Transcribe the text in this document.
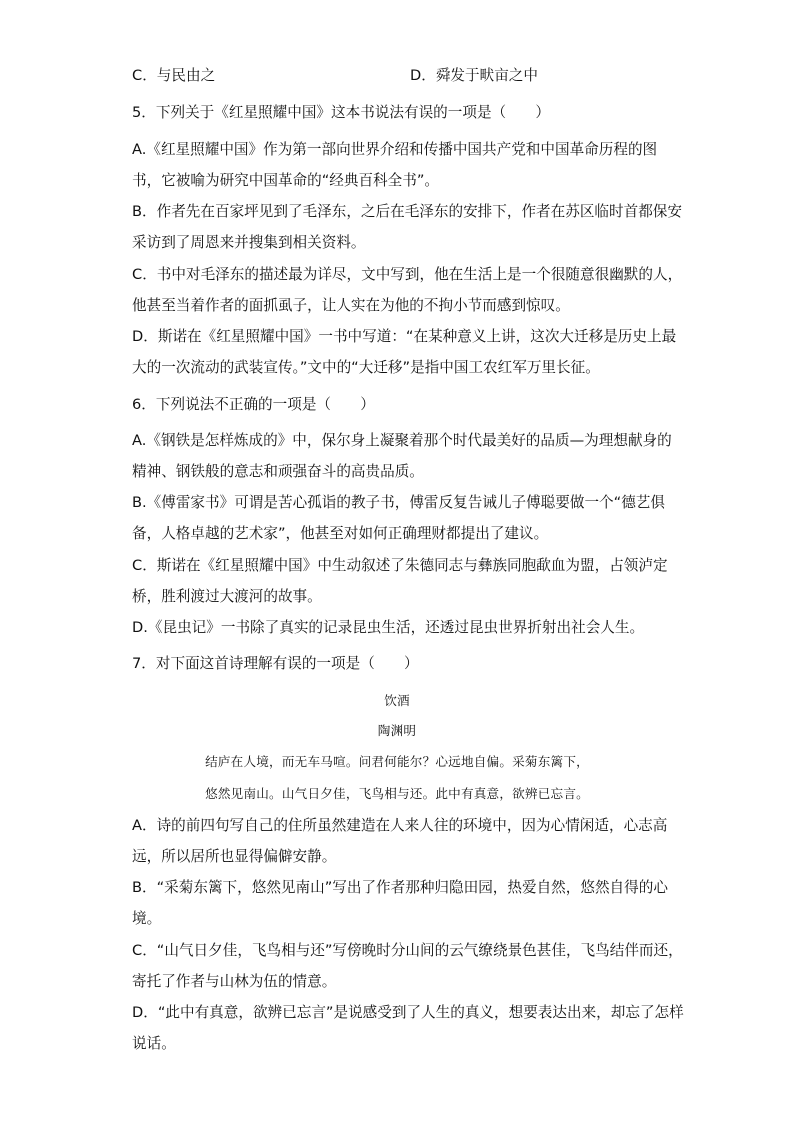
C．与民由之	D．舜发于畎亩之中
5．下列关于《红星照耀中国》这本书说法有误的一项是（　　）
A.《红星照耀中国》作为第一部向世界介绍和传播中国共产党和中国革命历程的图
书，它被喻为研究中国革命的“经典百科全书”。
B．作者先在百家坪见到了毛泽东，之后在毛泽东的安排下，作者在苏区临时首都保安
采访到了周恩来并搜集到相关资料。
C．书中对毛泽东的描述最为详尽，文中写到，他在生活上是一个很随意很幽默的人，
他甚至当着作者的面抓虱子，让人实在为他的不拘小节而感到惊叹。
D．斯诺在《红星照耀中国》一书中写道：“在某种意义上讲，这次大迁移是历史上最
大的一次流动的武装宣传。”文中的“大迁移”是指中国工农红军万里长征。
6．下列说法不正确的一项是（　　）
A.《钢铁是怎样炼成的》中，保尔身上凝聚着那个时代最美好的品质—为理想献身的
精神、钢铁般的意志和顽强奋斗的高贵品质。
B.《傅雷家书》可谓是苦心孤诣的教子书，傅雷反复告诫儿子傅聪要做一个“德艺俱
备，人格卓越的艺术家”，他甚至对如何正确理财都提出了建议。
C．斯诺在《红星照耀中国》中生动叙述了朱德同志与彝族同胞歃血为盟，占领泸定
桥，胜利渡过大渡河的故事。
D.《昆虫记》一书除了真实的记录昆虫生活，还透过昆虫世界折射出社会人生。
7．对下面这首诗理解有误的一项是（　　）
饮酒
陶渊明
结庐在人境，而无车马喧。问君何能尔？心远地自偏。采菊东篱下，
悠然见南山。山气日夕佳，飞鸟相与还。此中有真意，欲辨已忘言。
A．诗的前四句写自己的住所虽然建造在人来人往的环境中，因为心情闲适，心志高
远，所以居所也显得偏僻安静。
B．“采菊东篱下，悠然见南山”写出了作者那种归隐田园，热爱自然，悠然自得的心
境。
C．“山气日夕佳，飞鸟相与还”写傍晚时分山间的云气缭绕景色甚佳，飞鸟结伴而还，
寄托了作者与山林为伍的情意。
D．“此中有真意，欲辨已忘言”是说感受到了人生的真义，想要表达出来，却忘了怎样
说话。
